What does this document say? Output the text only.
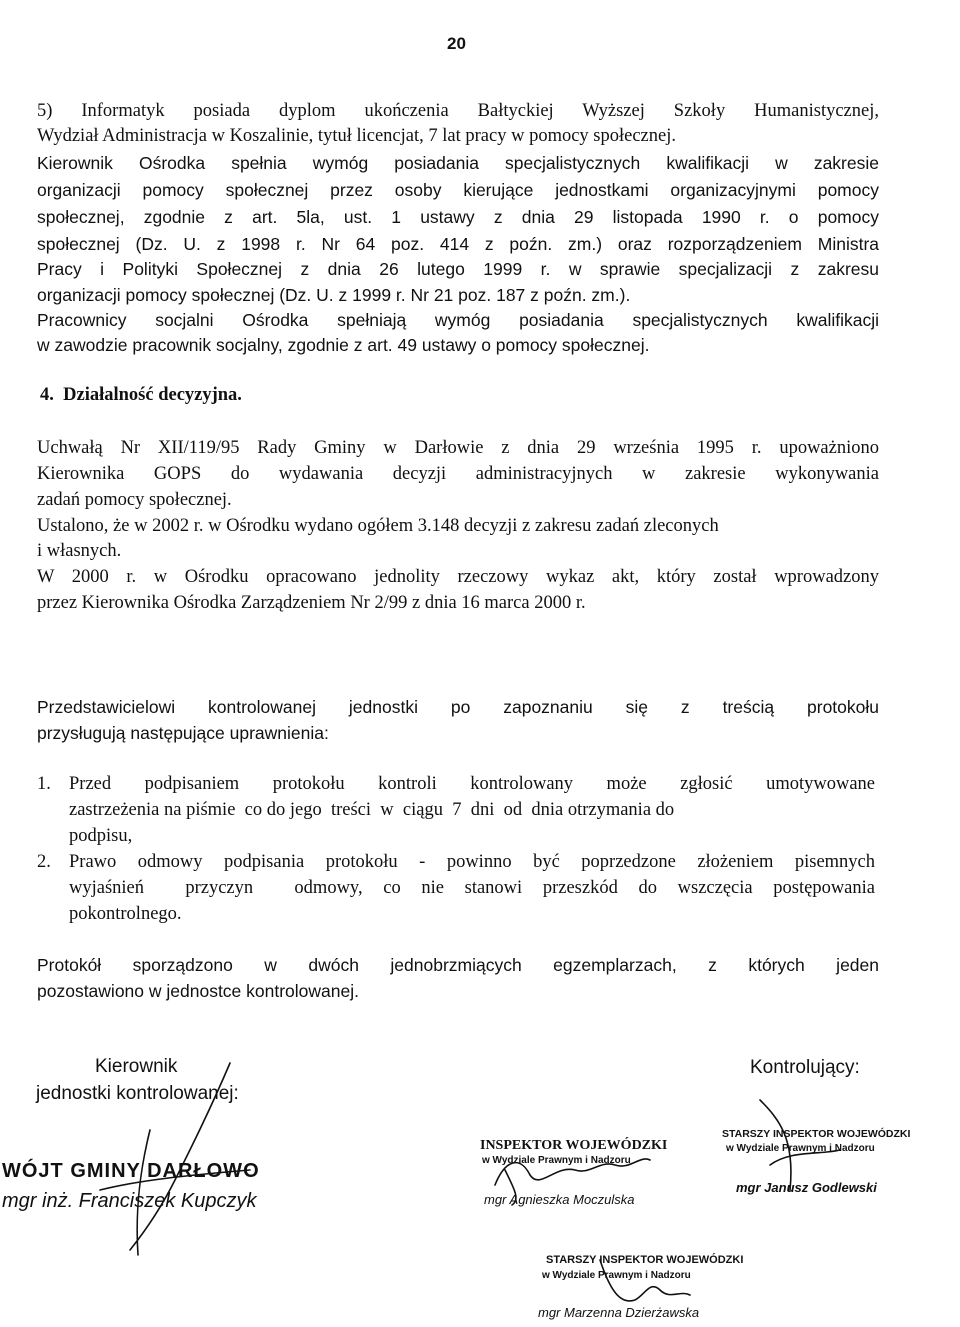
20
5) Informatyk posiada dyplom ukończenia Bałtyckiej Wyższej Szkoły Humanistycznej,
Wydział Administracja w Koszalinie, tytuł licencjat, 7 lat pracy w pomocy społecznej.
Kierownik Ośrodka spełnia wymóg posiadania specjalistycznych kwalifikacji w zakresie
organizacji pomocy społecznej przez osoby kierujące jednostkami organizacyjnymi pomocy
społecznej, zgodnie z art. 5la, ust. 1 ustawy z dnia 29 listopada 1990 r. o pomocy
społecznej (Dz. U. z 1998 r. Nr 64 poz. 414 z poźn. zm.) oraz rozporządzeniem Ministra
Pracy i Polityki Społecznej z dnia 26 lutego 1999 r. w sprawie specjalizacji z zakresu
organizacji pomocy społecznej (Dz. U. z 1999 r. Nr 21 poz. 187 z poźn. zm.).
Pracownicy socjalni Ośrodka spełniają wymóg posiadania specjalistycznych kwalifikacji
w zawodzie pracownik socjalny, zgodnie z art. 49 ustawy o pomocy społecznej.
4.  Działalność decyzyjna.
Uchwałą Nr XII/119/95 Rady Gminy w Darłowie z dnia 29 września 1995 r. upoważniono
Kierownika GOPS do wydawania decyzji administracyjnych w zakresie wykonywania
zadań pomocy społecznej.
Ustalono, że w 2002 r. w Ośrodku wydano ogółem 3.148 decyzji z zakresu zadań zleconych
i własnych.
W 2000 r. w Ośrodku opracowano jednolity rzeczowy wykaz akt, który został wprowadzony
przez Kierownika Ośrodka Zarządzeniem Nr 2/99 z dnia 16 marca 2000 r.
Przedstawicielowi kontrolowanej jednostki po zapoznaniu się z treścią protokołu
przysługują następujące uprawnienia:
1. Przed podpisaniem protokołu kontroli kontrolowany może zgłosić umotywowane
zastrzeżenia na piśmie  co do jego  treści  w  ciągu  7  dni  od  dnia otrzymania do
podpisu,
2. Prawo odmowy podpisania protokołu - powinno być poprzedzone złożeniem pisemnych
wyjaśnień  przyczyn  odmowy, co nie stanowi przeszkód do wszczęcia postępowania
pokontrolnego.
Protokół sporządzono w dwóch jednobrzmiących egzemplarzach, z których jeden
pozostawiono w jednostce kontrolowanej.
Kierownik
jednostki kontrolowanej:
WÓJT GMINY DARŁOWO
mgr inż. Franciszek Kupczyk
Kontrolujący:
INSPEKTOR WOJEWÓDZKI
w Wydziale Prawnym i Nadzoru
mgr Agnieszka Moczulska
STARSZY INSPEKTOR WOJEWÓDZKI
w Wydziale Prawnym i Nadzoru
mgr Janusz Godlewski
STARSZY INSPEKTOR WOJEWÓDZKI
w Wydziale Prawnym i Nadzoru
mgr Marzenna Dzierżawska
